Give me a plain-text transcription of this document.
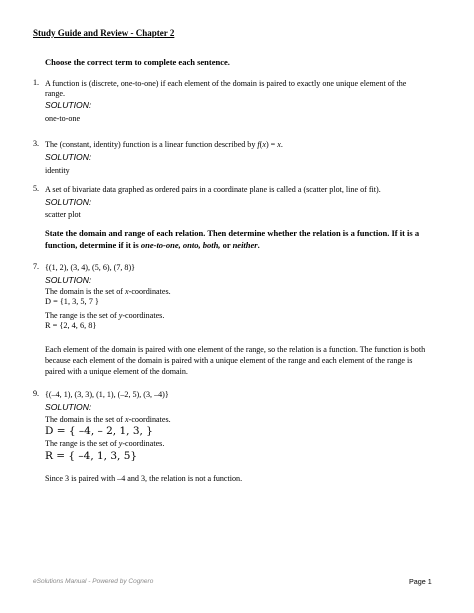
Study Guide and Review - Chapter 2
Choose the correct term to complete each sentence.
1. A function is (discrete, one-to-one) if each element of the domain is paired to exactly one unique element of the
range.
SOLUTION:
one-to-one
3. The (constant, identity) function is a linear function described by f(x) = x.
SOLUTION:
identity
5. A set of bivariate data graphed as ordered pairs in a coordinate plane is called a (scatter plot, line of fit).
SOLUTION:
scatter plot
State the domain and range of each relation. Then determine whether the relation is a function. If it is a
function, determine if it is one-to-one, onto, both, or neither.
7. {(1, 2), (3, 4), (5, 6), (7, 8)}
SOLUTION:
The domain is the set of x-coordinates.
D = {1, 3, 5, 7 }
The range is the set of y-coordinates.
R = {2, 4, 6, 8}
Each element of the domain is paired with one element of the range, so the relation is a function. The function is both
because each element of the domain is paired with a unique element of the range and each element of the range is
paired with a unique element of the domain.
9. {(–4, 1), (3, 3), (1, 1), (–2, 5), (3, –4)}
SOLUTION:
The domain is the set of x-coordinates.
D = { –4, – 2, 1, 3, }
The range is the set of y-coordinates.
R = { –4, 1, 3, 5}
Since 3 is paired with –4 and 3, the relation is not a function.
eSolutions Manual - Powered by Cognero	Page 1
